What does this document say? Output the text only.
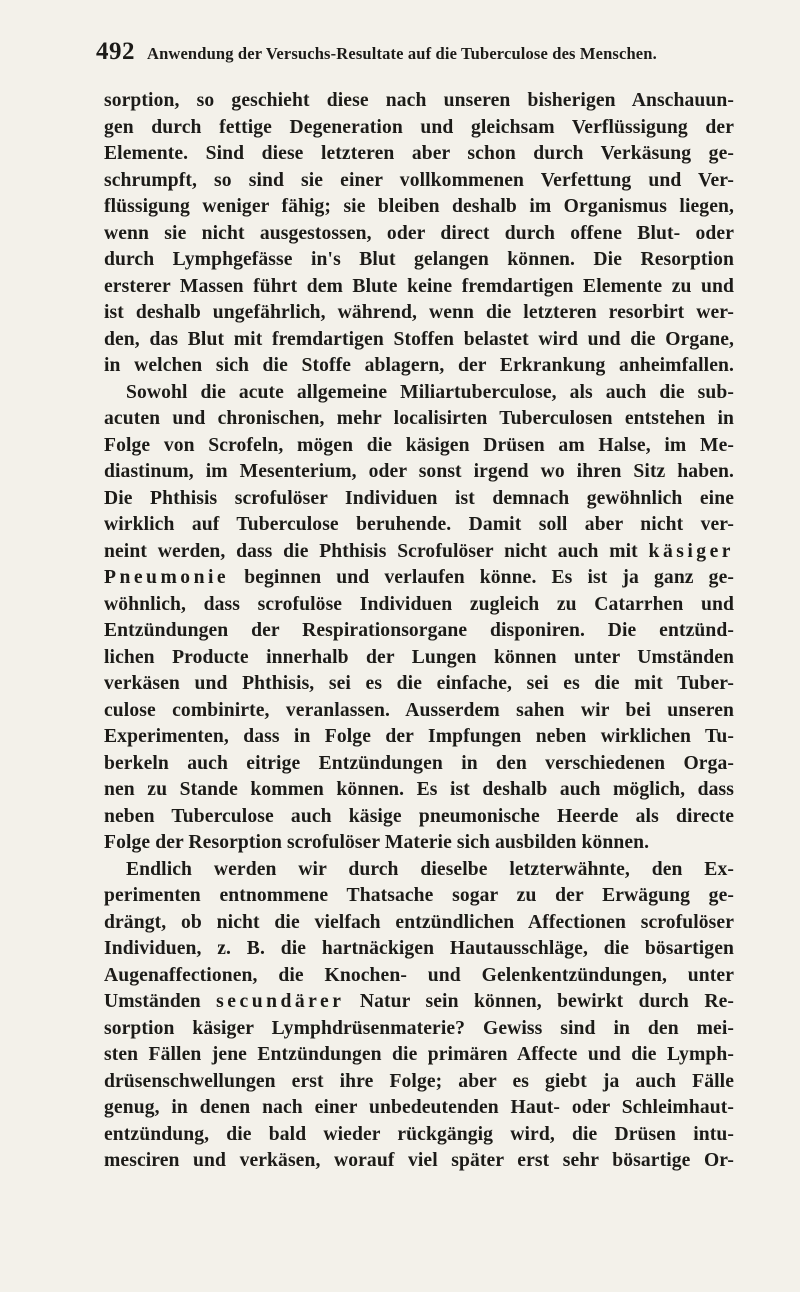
492 Anwendung der Versuchs-Resultate auf die Tuberculose des Menschen.
sorption, so geschieht diese nach unseren bisherigen Anschauun-
gen durch fettige Degeneration und gleichsam Verflüssigung der
Elemente. Sind diese letzteren aber schon durch Verkäsung ge-
schrumpft, so sind sie einer vollkommenen Verfettung und Ver-
flüssigung weniger fähig; sie bleiben deshalb im Organismus liegen,
wenn sie nicht ausgestossen, oder direct durch offene Blut- oder
durch Lymphgefässe in's Blut gelangen können. Die Resorption
ersterer Massen führt dem Blute keine fremdartigen Elemente zu und
ist deshalb ungefährlich, während, wenn die letzteren resorbirt wer-
den, das Blut mit fremdartigen Stoffen belastet wird und die Organe,
in welchen sich die Stoffe ablagern, der Erkrankung anheimfallen.
Sowohl die acute allgemeine Miliartuberculose, als auch die sub-
acuten und chronischen, mehr localisirten Tuberculosen entstehen in
Folge von Scrofeln, mögen die käsigen Drüsen am Halse, im Me-
diastinum, im Mesenterium, oder sonst irgend wo ihren Sitz haben.
Die Phthisis scrofulöser Individuen ist demnach gewöhnlich eine
wirklich auf Tuberculose beruhende. Damit soll aber nicht ver-
neint werden, dass die Phthisis Scrofulöser nicht auch mit käsiger
Pneumonie beginnen und verlaufen könne. Es ist ja ganz ge-
wöhnlich, dass scrofulöse Individuen zugleich zu Catarrhen und
Entzündungen der Respirationsorgane disponiren. Die entzünd-
lichen Producte innerhalb der Lungen können unter Umständen
verkäsen und Phthisis, sei es die einfache, sei es die mit Tuber-
culose combinirte, veranlassen. Ausserdem sahen wir bei unseren
Experimenten, dass in Folge der Impfungen neben wirklichen Tu-
berkeln auch eitrige Entzündungen in den verschiedenen Orga-
nen zu Stande kommen können. Es ist deshalb auch möglich, dass
neben Tuberculose auch käsige pneumonische Heerde als directe
Folge der Resorption scrofulöser Materie sich ausbilden können.
Endlich werden wir durch dieselbe letzterwähnte, den Ex-
perimenten entnommene Thatsache sogar zu der Erwägung ge-
drängt, ob nicht die vielfach entzündlichen Affectionen scrofulöser
Individuen, z. B. die hartnäckigen Hautausschläge, die bösartigen
Augenaffectionen, die Knochen- und Gelenkentzündungen, unter
Umständen secundärer Natur sein können, bewirkt durch Re-
sorption käsiger Lymphdrüsenmaterie? Gewiss sind in den mei-
sten Fällen jene Entzündungen die primären Affecte und die Lymph-
drüsenschwellungen erst ihre Folge; aber es giebt ja auch Fälle
genug, in denen nach einer unbedeutenden Haut- oder Schleimhaut-
entzündung, die bald wieder rückgängig wird, die Drüsen intu-
mesciren und verkäsen, worauf viel später erst sehr bösartige Or-
